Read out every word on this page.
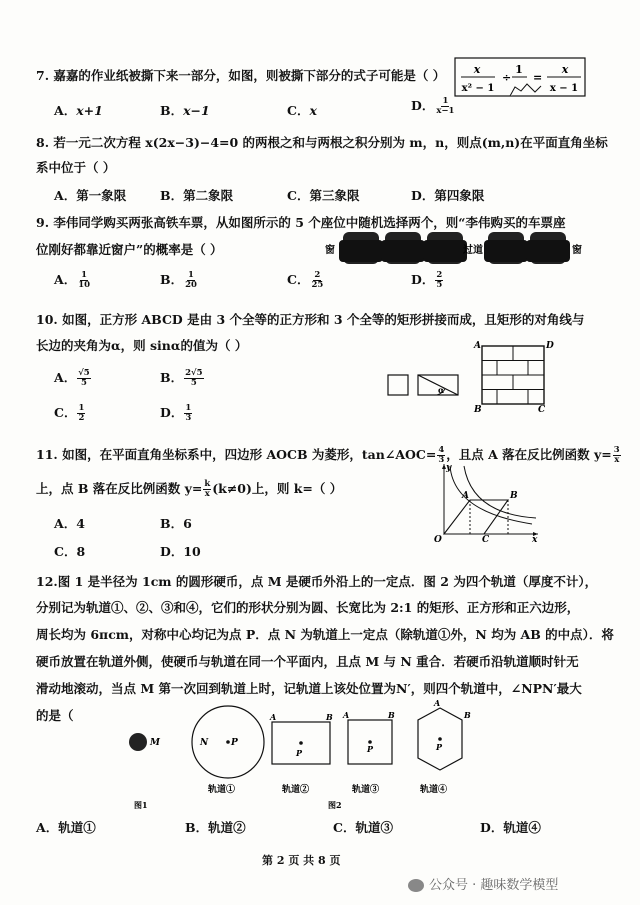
7. 嘉嘉的作业纸被撕下来一部分，如图，则被撕下部分的式子可能是（ ）	x
x² − 1
÷
1
=
x
x − 1
A．x+1	B．x−1	C．x	D． $\frac{1}{x-1}$
8. 若一元二次方程 x(2x−3)−4=0 的两根之和与两根之积分别为 m，n，则点(m,n)在平面直角坐标
系中位于（ ）
A．第一象限	B．第二象限	C．第三象限	D．第四象限
9. 李伟同学购买两张高铁车票，从如图所示的 5 个座位中随机选择两个，则“李伟购买的车票座
位刚好都靠近窗户”的概率是（ ）	窗	过道	窗
A． $\frac{1}{10}$	B． $\frac{1}{20}$	C． $\frac{2}{25}$	D． $\frac{2}{5}$
10. 如图，正方形 ABCD 是由 3 个全等的正方形和 3 个全等的矩形拼接而成，且矩形的对角线与
长边的夹角为α，则 sinα的值为（ ）
α
A	D
B	C
A． $\frac{√5}{5}$	B． $\frac{2√5}{5}$
C． $\frac{1}{2}$	D． $\frac{1}{3}$
11. 如图，在平面直角坐标系中，四边形 AOCB 为菱形，tan∠AOC= $\frac{4}{3}$ ，且点 A 落在反比例函数 $y= \frac{3}{x}$
上，点 B 落在反比例函数 $y= \frac{k}{x} (k\ne 0)$上，则 k=（ ）
y
A	B
O	C	x
A．4	B．6
C．8	D．10
12.图 1 是半径为 1cm 的圆形硬币，点 M 是硬币外沿上的一定点．图 2 为四个轨道（厚度不计），
分别记为轨道①、②、③和④，它们的形状分别为圆、长宽比为 2:1 的矩形、正方形和正六边形，
周长均为 6πcm，对称中心均记为点 P．点 N 为轨道上一定点（除轨道①外，N 均为 AB 的中点）．将
硬币放置在轨道外侧，使硬币与轨道在同一个平面内，且点 M 与 N 重合．若硬币沿轨道顺时针无
滑动地滚动，当点 M 第一次回到轨道上时，记轨道上该处位置为N′，则四个轨道中，∠NPN′最大
的是（
M	N	P
P
A	B
P
A	B
P
A
B
轨道①	轨道②	轨道③	轨道④
图1	图2
A．轨道①	B．轨道②	C．轨道③	D．轨道④
第 2 页 共 8 页
公众号 · 趣味数学模型
